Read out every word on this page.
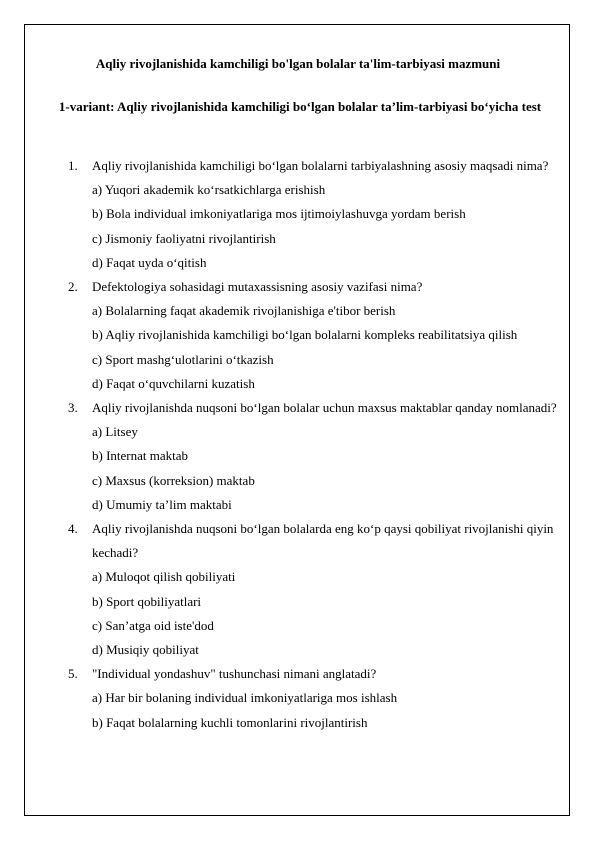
Aqliy rivojlanishida kamchiligi bo'lgan bolalar ta'lim-tarbiyasi mazmuni
1-variant: Aqliy rivojlanishida kamchiligi bo‘lgan bolalar ta’lim-tarbiyasi bo‘yicha test
1. Aqliy rivojlanishida kamchiligi bo‘lgan bolalarni tarbiyalashning asosiy maqsadi nima?
a) Yuqori akademik ko‘rsatkichlarga erishish
b) Bola individual imkoniyatlariga mos ijtimoiylashuvga yordam berish
c) Jismoniy faoliyatni rivojlantirish
d) Faqat uyda o‘qitish
2. Defektologiya sohasidagi mutaxassisning asosiy vazifasi nima?
a) Bolalarning faqat akademik rivojlanishiga e'tibor berish
b) Aqliy rivojlanishida kamchiligi bo‘lgan bolalarni kompleks reabilitatsiya qilish
c) Sport mashg‘ulotlarini o‘tkazish
d) Faqat o‘quvchilarni kuzatish
3. Aqliy rivojlanishda nuqsoni bo‘lgan bolalar uchun maxsus maktablar qanday nomlanadi?
a) Litsey
b) Internat maktab
c) Maxsus (korreksion) maktab
d) Umumiy ta’lim maktabi
4. Aqliy rivojlanishda nuqsoni bo‘lgan bolalarda eng ko‘p qaysi qobiliyat rivojlanishi qiyin kechadi?
a) Muloqot qilish qobiliyati
b) Sport qobiliyatlari
c) San’atga oid iste'dod
d) Musiqiy qobiliyat
5. "Individual yondashuv" tushunchasi nimani anglatadi?
a) Har bir bolaning individual imkoniyatlariga mos ishlash
b) Faqat bolalarning kuchli tomonlarini rivojlantirish
